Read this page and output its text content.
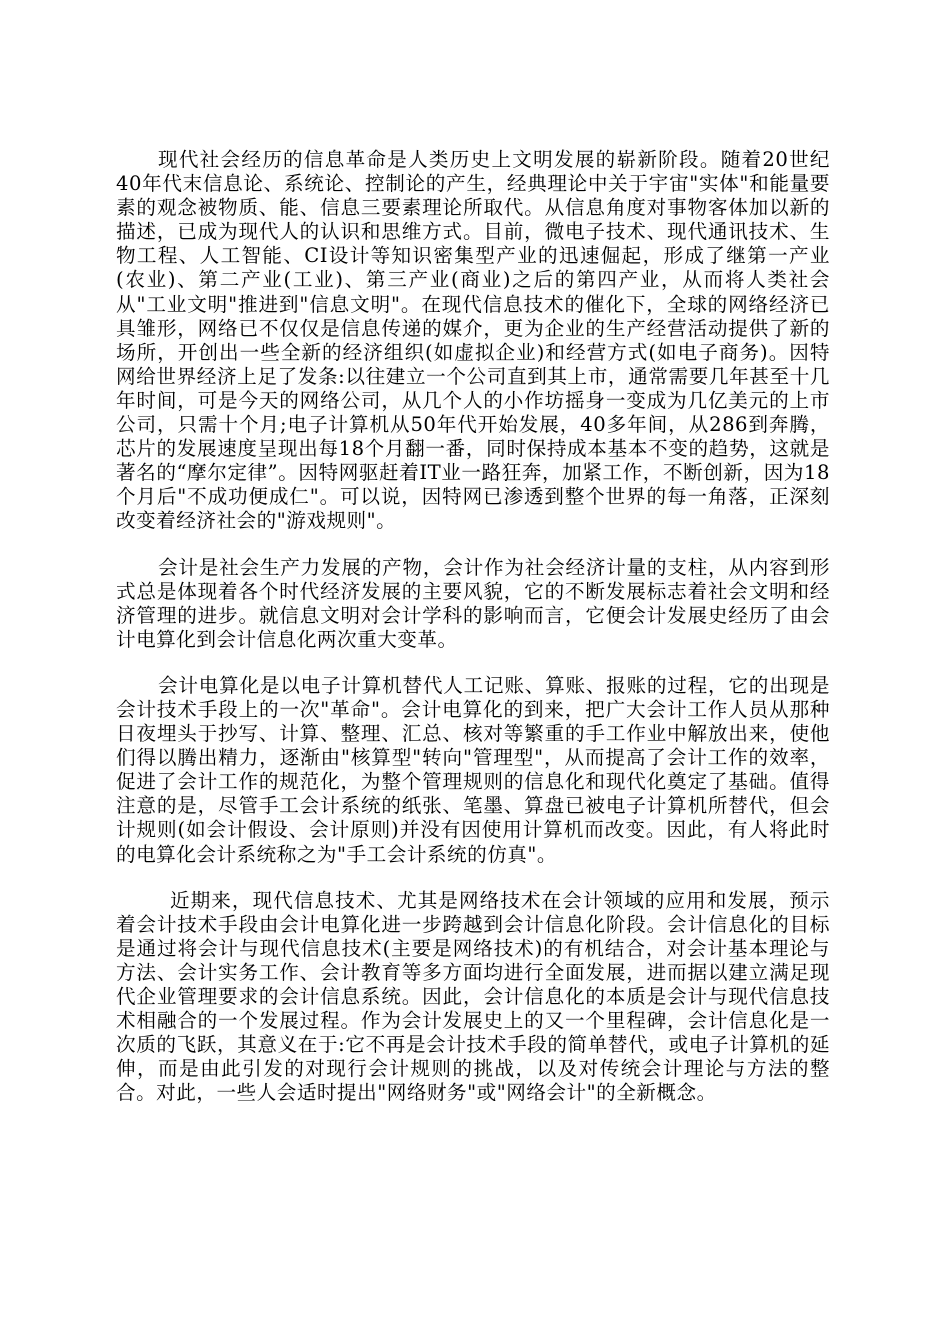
现代社会经历的信息革命是人类历史上文明发展的崭新阶段。随着20世纪40年代末信息论、系统论、控制论的产生，经典理论中关于宇宙"实体"和能量要素的观念被物质、能、信息三要素理论所取代。从信息角度对事物客体加以新的描述，已成为现代人的认识和思维方式。目前，微电子技术、现代通讯技术、生物工程、人工智能、CI设计等知识密集型产业的迅速倔起，形成了继第一产业(农业)、第二产业(工业)、第三产业(商业)之后的第四产业，从而将人类社会从"工业文明"推进到"信息文明"。在现代信息技术的催化下，全球的网络经济已具雏形，网络已不仅仅是信息传递的媒介，更为企业的生产经营活动提供了新的场所，开创出一些全新的经济组织(如虚拟企业)和经营方式(如电子商务)。因特网给世界经济上足了发条:以往建立一个公司直到其上市，通常需要几年甚至十几年时间，可是今天的网络公司，从几个人的小作坊摇身一变成为几亿美元的上市公司，只需十个月;电子计算机从50年代开始发展，40多年间，从286到奔腾，芯片的发展速度呈现出每18个月翻一番，同时保持成本基本不变的趋势，这就是著名的“摩尔定律”。因特网驱赶着IT业一路狂奔，加紧工作，不断创新，因为18个月后"不成功便成仁"。可以说，因特网已渗透到整个世界的每一角落，正深刻改变着经济社会的"游戏规则"。

会计是社会生产力发展的产物，会计作为社会经济计量的支柱，从内容到形式总是体现着各个时代经济发展的主要风貌，它的不断发展标志着社会文明和经济管理的进步。就信息文明对会计学科的影响而言，它便会计发展史经历了由会计电算化到会计信息化两次重大变革。

会计电算化是以电子计算机替代人工记账、算账、报账的过程，它的出现是会计技术手段上的一次"革命"。会计电算化的到来，把广大会计工作人员从那种日夜埋头于抄写、计算、整理、汇总、核对等繁重的手工作业中解放出来，使他们得以腾出精力，逐渐由"核算型"转向"管理型"，从而提高了会计工作的效率，促进了会计工作的规范化，为整个管理规则的信息化和现代化奠定了基础。值得注意的是，尽管手工会计系统的纸张、笔墨、算盘已被电子计算机所替代，但会计规则(如会计假设、会计原则)并没有因使用计算机而改变。因此，有人将此时的电算化会计系统称之为"手工会计系统的仿真"。

近期来，现代信息技术、尤其是网络技术在会计领域的应用和发展，预示着会计技术手段由会计电算化进一步跨越到会计信息化阶段。会计信息化的目标是通过将会计与现代信息技术(主要是网络技术)的有机结合，对会计基本理论与方法、会计实务工作、会计教育等多方面均进行全面发展，进而据以建立满足现代企业管理要求的会计信息系统。因此，会计信息化的本质是会计与现代信息技术相融合的一个发展过程。作为会计发展史上的又一个里程碑，会计信息化是一次质的飞跃，其意义在于:它不再是会计技术手段的简单替代，或电子计算机的延伸，而是由此引发的对现行会计规则的挑战，以及对传统会计理论与方法的整合。对此，一些人会适时提出"网络财务"或"网络会计"的全新概念。
